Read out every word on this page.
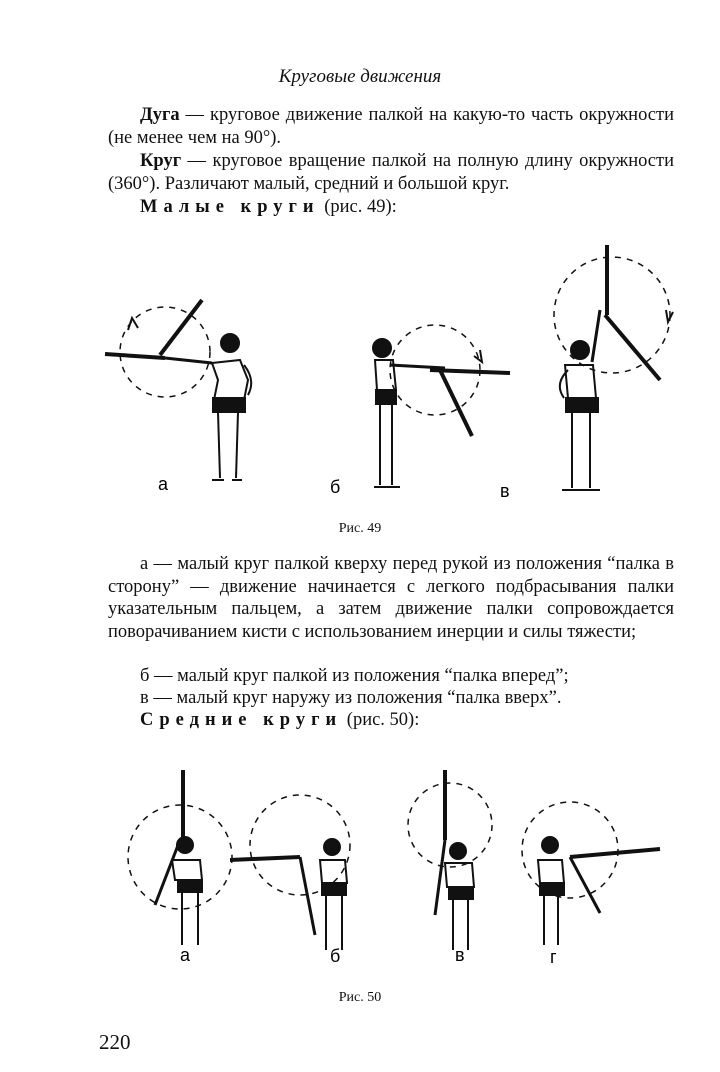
Круговые движения
Дуга — круговое движение палкой на какую-то часть окружности (не менее чем на 90°).
Круг — круговое вращение палкой на полную длину окружности (360°). Различают малый, средний и большой круг.
Малые круги (рис. 49):
а	б	в
Рис. 49
а — малый круг палкой кверху перед рукой из положения “палка в сторону” — движение начинается с легкого подбрасывания палки указательным пальцем, а затем движение палки сопровождается поворачиванием кисти с использованием инерции и силы тяжести;
б — малый круг палкой из положения “палка вперед”;
в — малый круг наружу из положения “палка вверх”.
Средние круги (рис. 50):
а	б	в	г
Рис. 50
220
